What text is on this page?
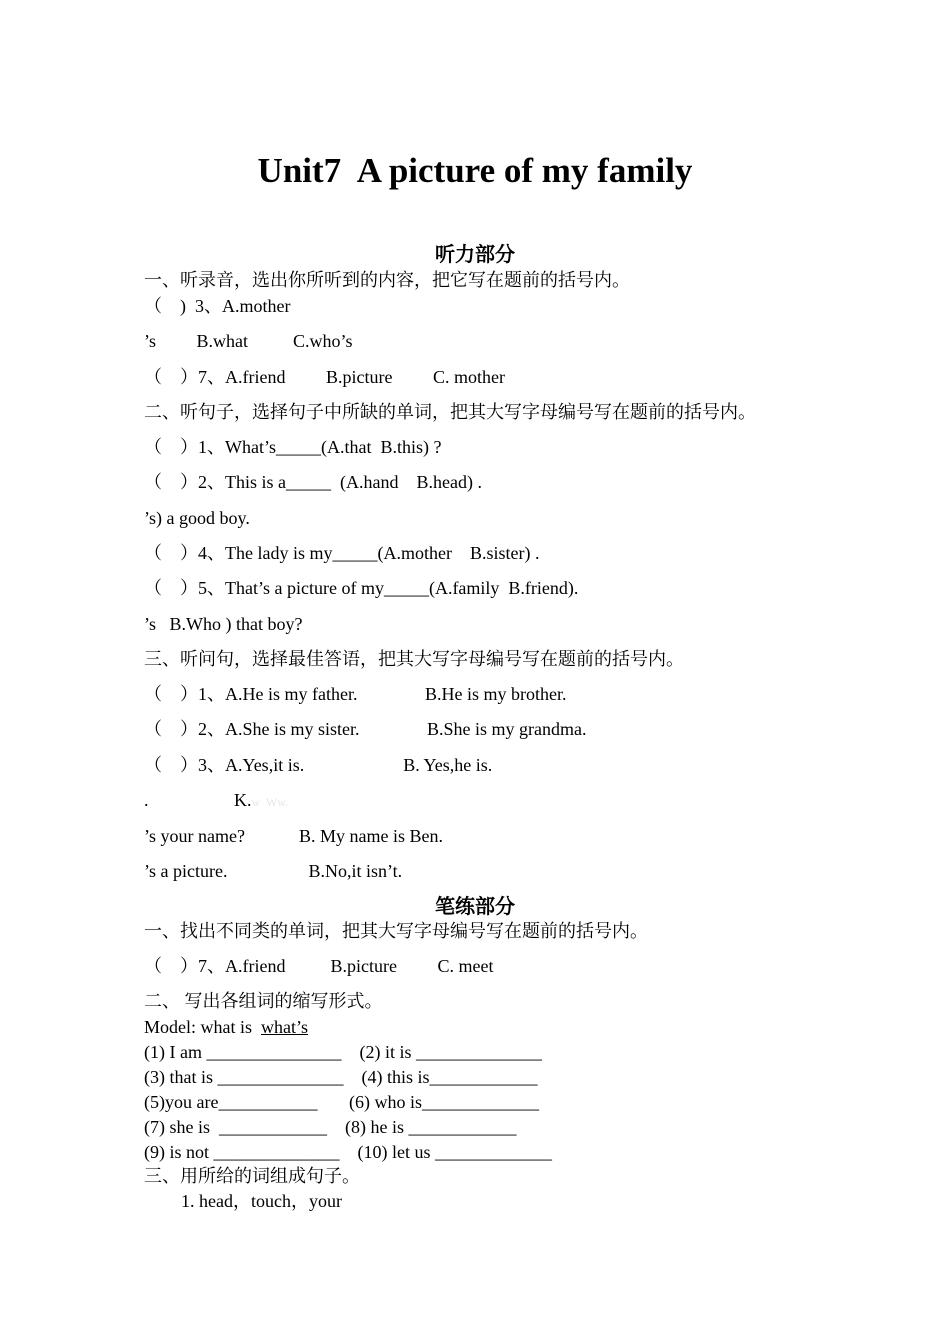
Unit7  A picture of my family
听力部分
一、听录音，选出你所听到的内容，把它写在题前的括号内。
（    )  3、A.mother
’s         B.what          C.who’s
（    ）7、A.friend         B.picture         C. mother
二、听句子，选择句子中所缺的单词，把其大写字母编号写在题前的括号内。
（    ）1、What’s_____(A.that  B.this) ?
（    ）2、This is a_____  (A.hand    B.head) .
’s) a good boy.
（    ）4、The lady is my_____(A.mother    B.sister) .
（    ）5、That’s a picture of my_____(A.family  B.friend).
’s   B.Who ) that boy?
三、听问句，选择最佳答语，把其大写字母编号写在题前的括号内。
（    ）1、A.He is my father.               B.He is my brother.
（    ）2、A.She is my sister.               B.She is my grandma.
（    ）3、A.Yes,it is.                      B. Yes,he is.
.                   K.w  Ww.
’s your name?            B. My name is Ben.
’s a picture.                  B.No,it isn’t.
笔练部分
一、找出不同类的单词，把其大写字母编号写在题前的括号内。
（    ）7、A.friend          B.picture         C. meet
二、 写出各组词的缩写形式。
Model: what is  what’s
(1) I am _______________    (2) it is ______________
(3) that is ______________    (4) this is____________
(5)you are___________       (6) who is_____________
(7) she is  ____________    (8) he is ____________
(9) is not ______________    (10) let us _____________
三、用所给的词组成句子。
1. head，touch，your
